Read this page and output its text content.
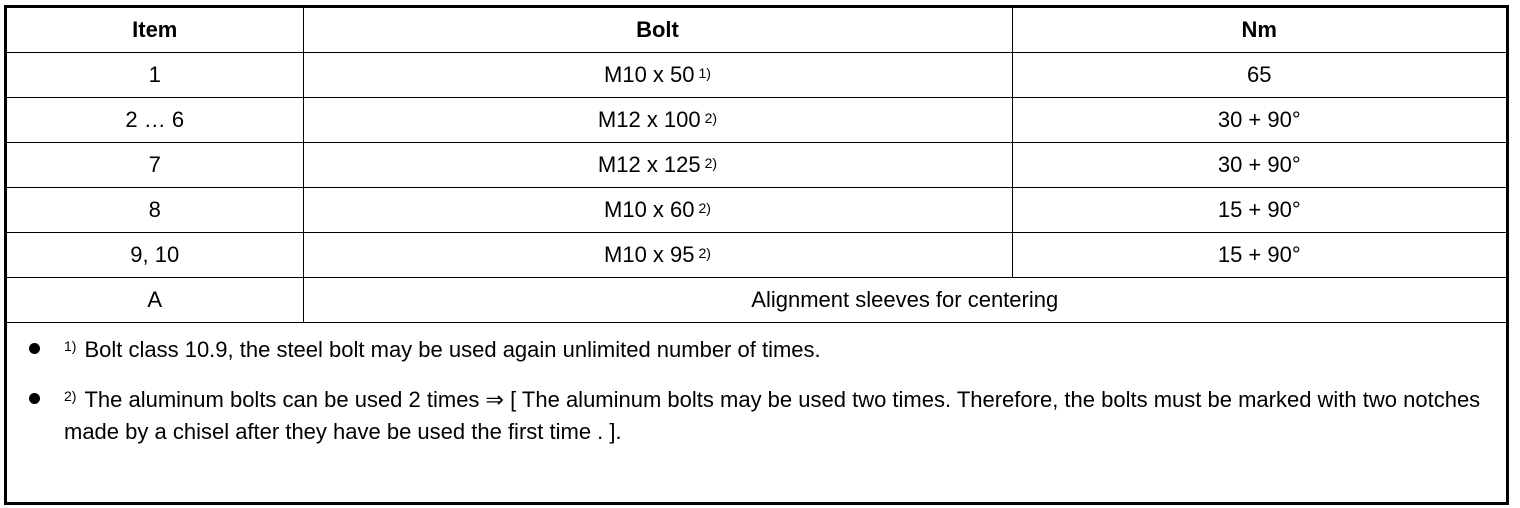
Item	Bolt	Nm
1	M10 x 50 $^{1)}$	65
2 … 6	M12 x 100 $^{2)}$	30 + 90°
7	M12 x 125 $^{2)}$	30 + 90°
8	M10 x 60 $^{2)}$	15 + 90°
9, 10	M10 x 95 $^{2)}$	15 + 90°
A	Alignment sleeves for centering	
$^{1)}$ Bolt class 10.9, the steel bolt may be used again unlimited number of times.
$^{2)}$ The aluminum bolts can be used 2 times ⇒ [ The aluminum bolts may be used two times. Therefore, the bolts must be marked with two notches made by a chisel after they have be used the first time . ].
